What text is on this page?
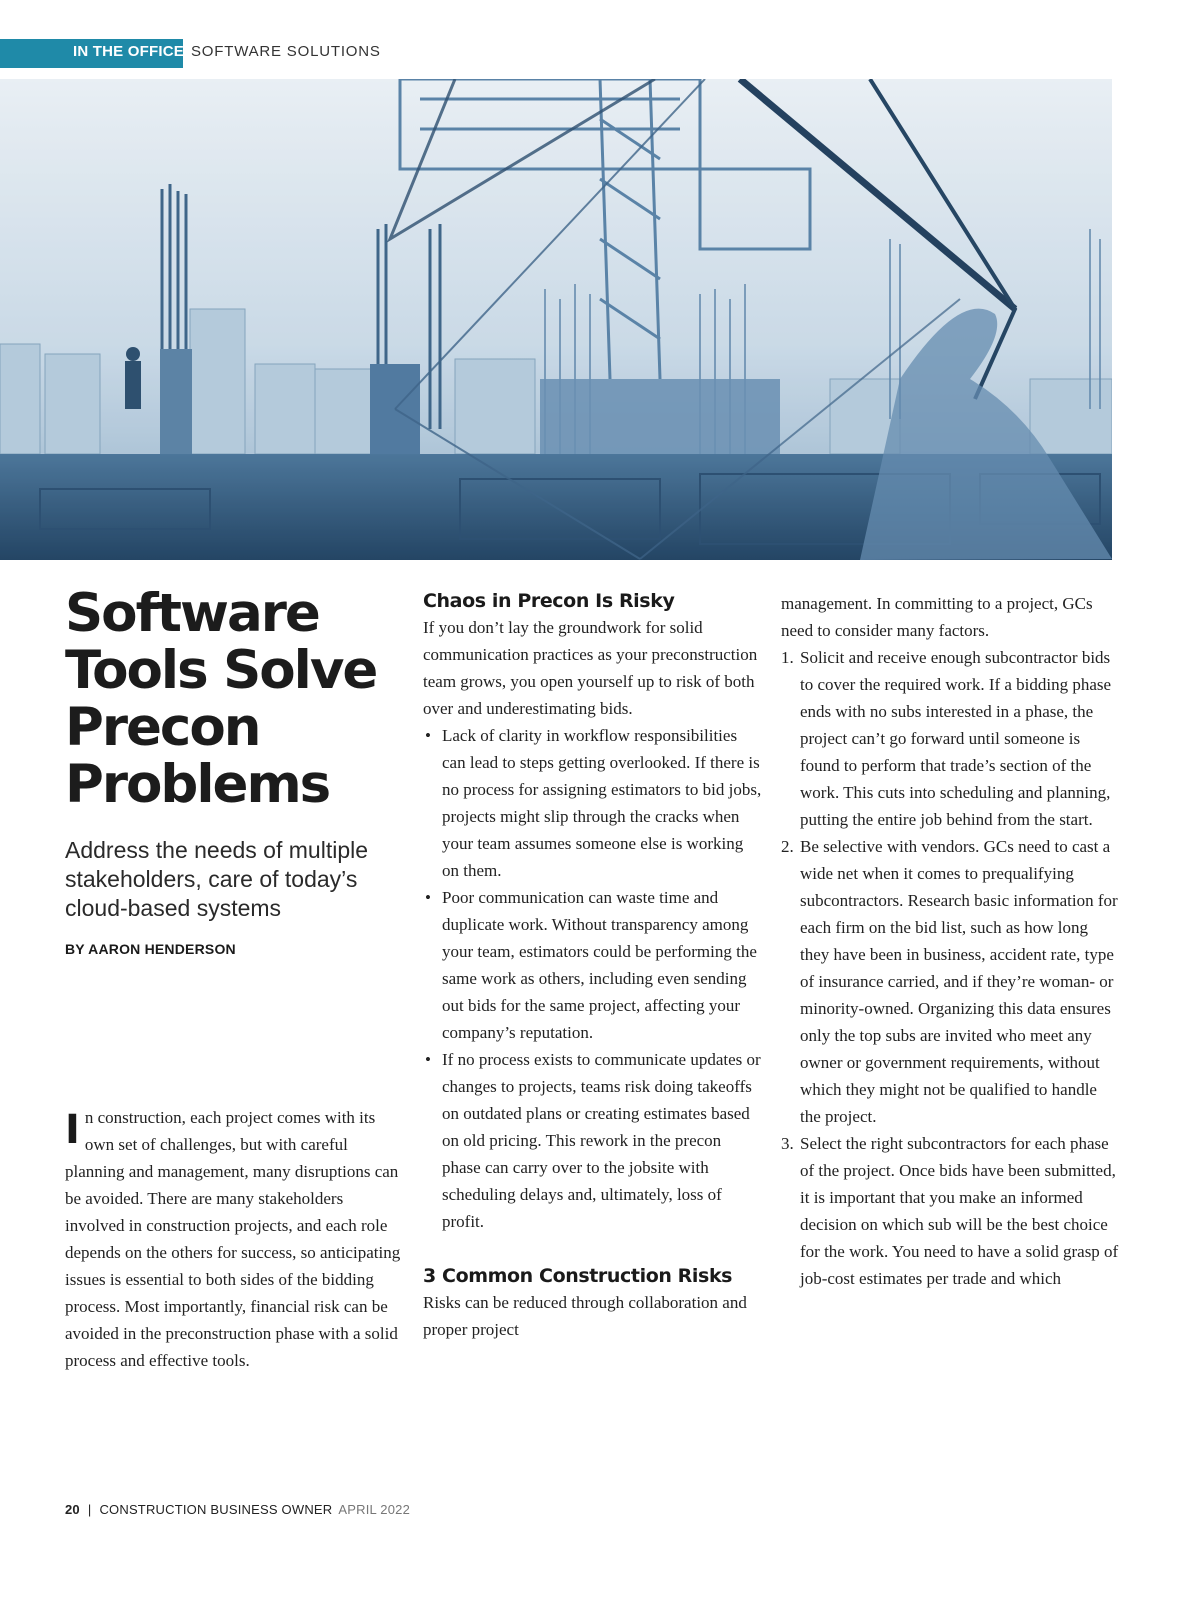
IN THE OFFICE SOFTWARE SOLUTIONS
Software Tools Solve Precon Problems

Address the needs of multiple stakeholders, care of today’s cloud-based systems

BY AARON HENDERSON

In construction, each project comes with its own set of challenges, but with careful planning and management, many disruptions can be avoided. There are many stakeholders involved in construction projects, and each role depends on the others for success, so anticipating issues is essential to both sides of the bidding process. Most importantly, financial risk can be avoided in the preconstruction phase with a solid process and effective tools.

Chaos in Precon Is Risky

If you don’t lay the groundwork for solid communication practices as your preconstruction team grows, you open yourself up to risk of both over and underestimating bids.

• Lack of clarity in workflow responsibilities can lead to steps getting overlooked. If there is no process for assigning estimators to bid jobs, projects might slip through the cracks when your team assumes someone else is working on them.
• Poor communication can waste time and duplicate work. Without transparency among your team, estimators could be performing the same work as others, including even sending out bids for the same project, affecting your company’s reputation.
• If no process exists to communicate updates or changes to projects, teams risk doing takeoffs on outdated plans or creating estimates based on old pricing. This rework in the precon phase can carry over to the jobsite with scheduling delays and, ultimately, loss of profit.
3 Common Construction Risks

Risks can be reduced through collaboration and proper project

management. In committing to a project, GCs need to consider many factors.

1. Solicit and receive enough subcontractor bids to cover the required work. If a bidding phase ends with no subs interested in a phase, the project can’t go forward until someone is found to perform that trade’s section of the work. This cuts into scheduling and planning, putting the entire job behind from the start.
2. Be selective with vendors. GCs need to cast a wide net when it comes to prequalifying subcontractors. Research basic information for each firm on the bid list, such as how long they have been in business, accident rate, type of insurance carried, and if they’re woman- or minority-owned. Organizing this data ensures only the top subs are invited who meet any owner or government requirements, without which they might not be qualified to handle the project.
3. Select the right subcontractors for each phase of the project. Once bids have been submitted, it is important that you make an informed decision on which sub will be the best choice for the work. You need to have a solid grasp of job-cost estimates per trade and which
20 | CONSTRUCTION BUSINESS OWNER APRIL 2022
